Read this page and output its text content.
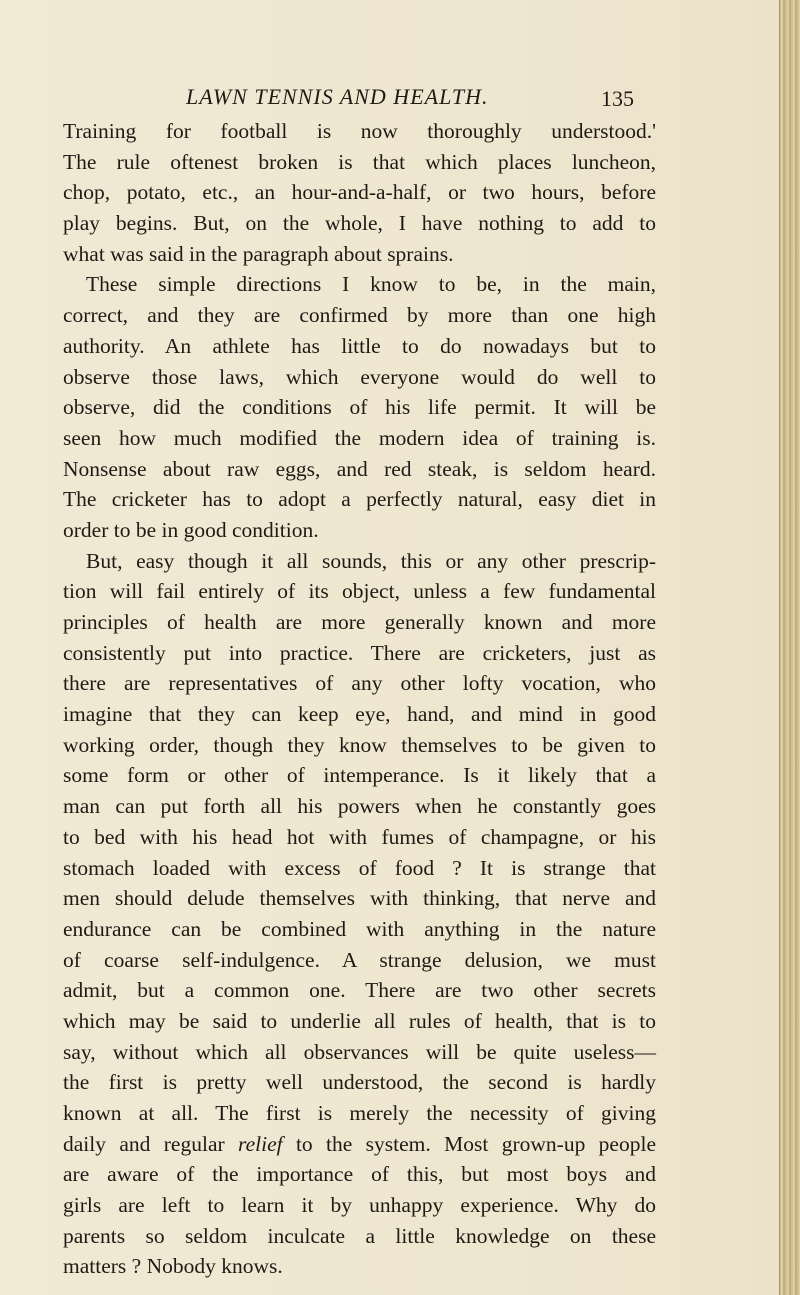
LAWN TENNIS AND HEALTH.	135
Training for football is now thoroughly understood.'
The rule oftenest broken is that which places luncheon,
chop, potato, etc., an hour-and-a-half, or two hours, before
play begins. But, on the whole, I have nothing to add to
what was said in the paragraph about sprains.
These simple directions I know to be, in the main,
correct, and they are confirmed by more than one high
authority. An athlete has little to do nowadays but to
observe those laws, which everyone would do well to
observe, did the conditions of his life permit. It will be
seen how much modified the modern idea of training is.
Nonsense about raw eggs, and red steak, is seldom heard.
The cricketer has to adopt a perfectly natural, easy diet in
order to be in good condition.
But, easy though it all sounds, this or any other prescrip-
tion will fail entirely of its object, unless a few fundamental
principles of health are more generally known and more
consistently put into practice. There are cricketers, just as
there are representatives of any other lofty vocation, who
imagine that they can keep eye, hand, and mind in good
working order, though they know themselves to be given to
some form or other of intemperance. Is it likely that a
man can put forth all his powers when he constantly goes
to bed with his head hot with fumes of champagne, or his
stomach loaded with excess of food ? It is strange that
men should delude themselves with thinking, that nerve and
endurance can be combined with anything in the nature
of coarse self-indulgence. A strange delusion, we must
admit, but a common one. There are two other secrets
which may be said to underlie all rules of health, that is to
say, without which all observances will be quite useless—
the first is pretty well understood, the second is hardly
known at all. The first is merely the necessity of giving
daily and regular relief to the system. Most grown-up people
are aware of the importance of this, but most boys and
girls are left to learn it by unhappy experience. Why do
parents so seldom inculcate a little knowledge on these
matters ? Nobody knows.
